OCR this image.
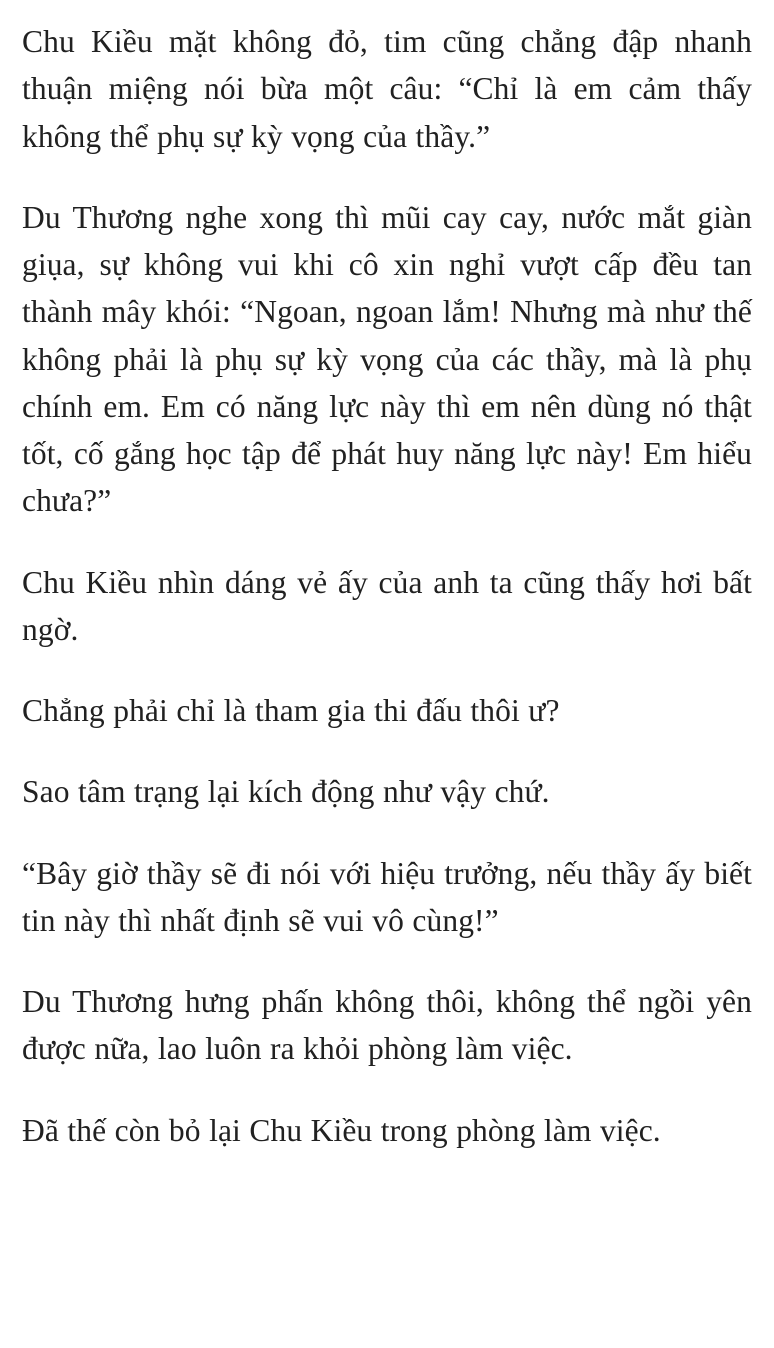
Chu Kiều mặt không đỏ, tim cũng chẳng đập nhanh thuận miệng nói bừa một câu: “Chỉ là em cảm thấy không thể phụ sự kỳ vọng của thầy.”

Du Thương nghe xong thì mũi cay cay, nước mắt giàn giụa, sự không vui khi cô xin nghỉ vượt cấp đều tan thành mây khói: “Ngoan, ngoan lắm! Nhưng mà như thế không phải là phụ sự kỳ vọng của các thầy, mà là phụ chính em. Em có năng lực này thì em nên dùng nó thật tốt, cố gắng học tập để phát huy năng lực này! Em hiểu chưa?”

Chu Kiều nhìn dáng vẻ ấy của anh ta cũng thấy hơi bất ngờ.

Chẳng phải chỉ là tham gia thi đấu thôi ư?

Sao tâm trạng lại kích động như vậy chứ.

“Bây giờ thầy sẽ đi nói với hiệu trưởng, nếu thầy ấy biết tin này thì nhất định sẽ vui vô cùng!”

Du Thương hưng phấn không thôi, không thể ngồi yên được nữa, lao luôn ra khỏi phòng làm việc.

Đã thế còn bỏ lại Chu Kiều trong phòng làm việc.
